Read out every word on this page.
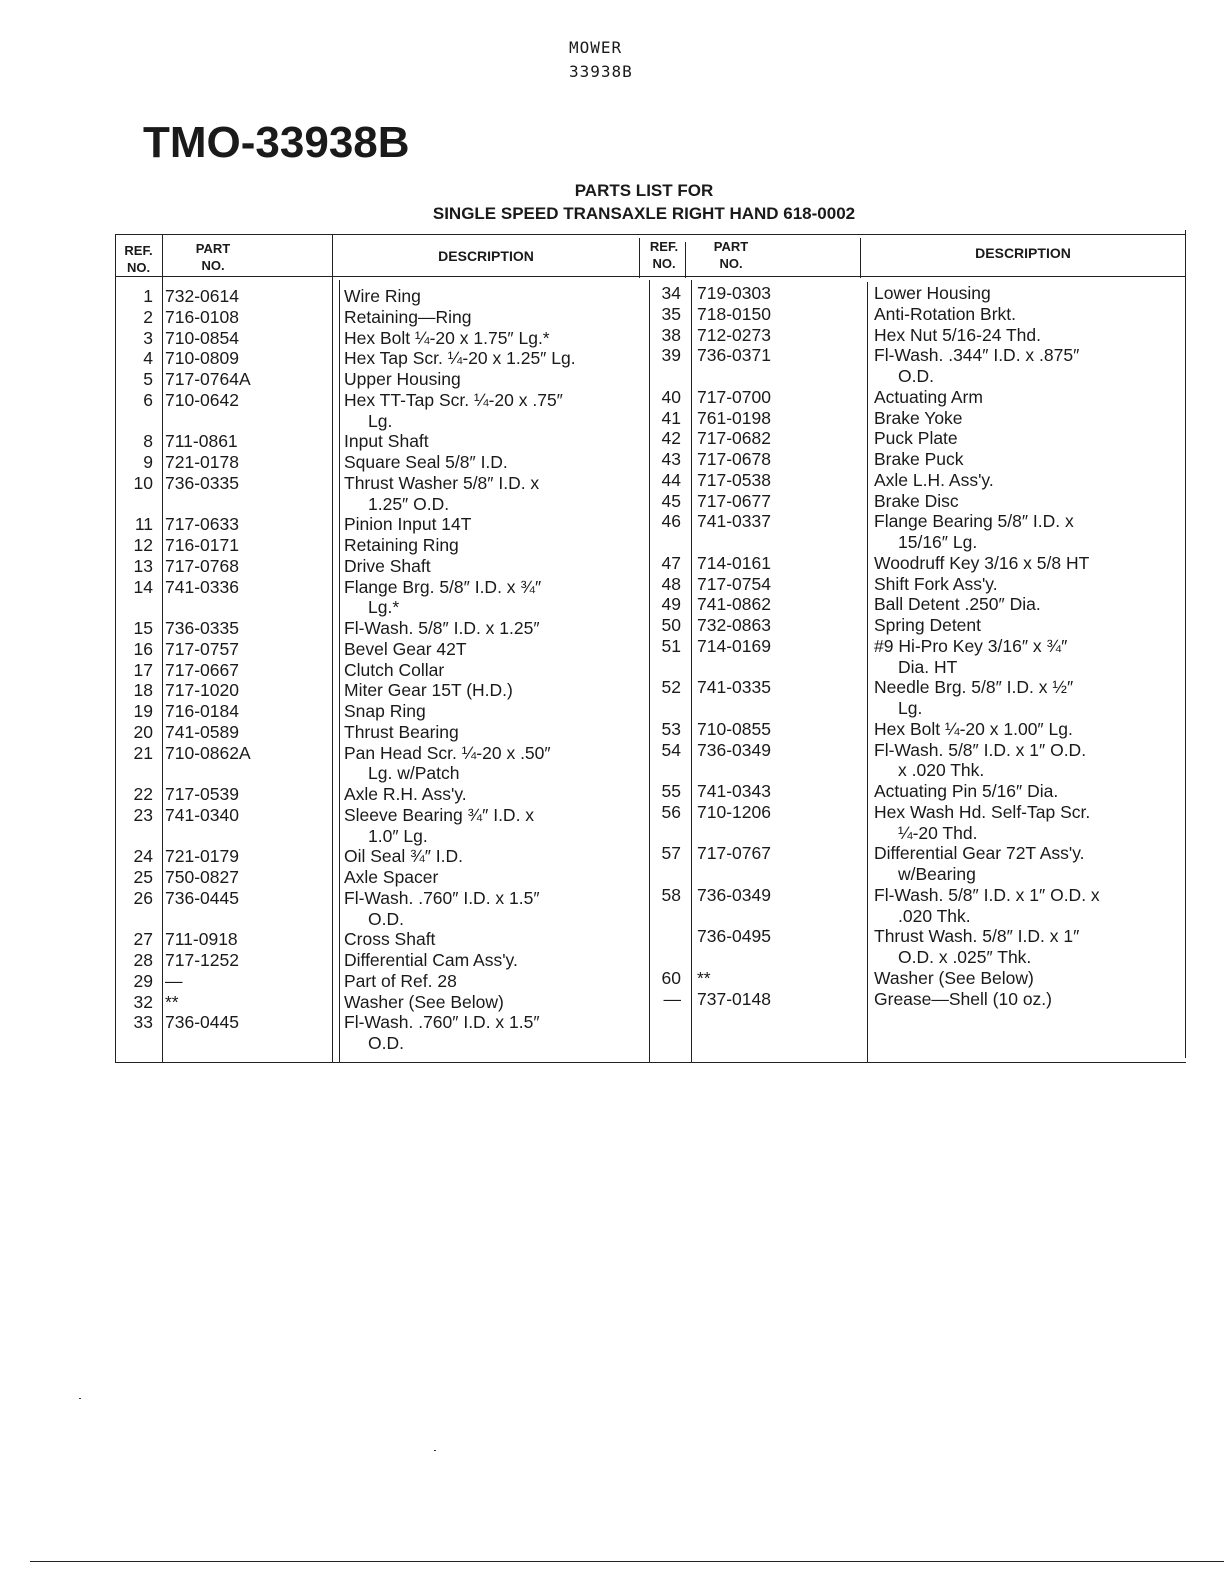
MOWER
33938B
TMO-33938B
PARTS LIST FOR
SINGLE SPEED TRANSAXLE RIGHT HAND 618-0002
REF.
NO.
PART
NO.
DESCRIPTION
REF.
NO.
PART
NO.
DESCRIPTION
1 732-0614	Wire Ring
2 716-0108	Retaining—Ring
3 710-0854	Hex Bolt ¼-20 x 1.75″ Lg.*
4 710-0809	Hex Tap Scr. ¼-20 x 1.25″ Lg.
5 717-0764A	Upper Housing
6 710-0642	Hex TT-Tap Scr. ¼-20 x .75″
Lg.
8 711-0861	Input Shaft
9 721-0178	Square Seal 5/8″ I.D.
10 736-0335	Thrust Washer 5/8″ I.D. x
1.25″ O.D.
11 717-0633	Pinion Input 14T
12 716-0171	Retaining Ring
13 717-0768	Drive Shaft
14 741-0336	Flange Brg. 5/8″ I.D. x ¾″
Lg.*
15 736-0335	Fl-Wash. 5/8″ I.D. x 1.25″
16 717-0757	Bevel Gear 42T
17 717-0667	Clutch Collar
18 717-1020	Miter Gear 15T (H.D.)
19 716-0184	Snap Ring
20 741-0589	Thrust Bearing
21 710-0862A	Pan Head Scr. ¼-20 x .50″
Lg. w/Patch
22 717-0539	Axle R.H. Ass'y.
23 741-0340	Sleeve Bearing ¾″ I.D. x
1.0″ Lg.
24 721-0179	Oil Seal ¾″ I.D.
25 750-0827	Axle Spacer
26 736-0445	Fl-Wash. .760″ I.D. x 1.5″
O.D.
27 711-0918	Cross Shaft
28 717-1252	Differential Cam Ass'y.
29 —	Part of Ref. 28
32 **	Washer (See Below)
33 736-0445	Fl-Wash. .760″ I.D. x 1.5″
O.D.
34 719-0303	Lower Housing
35 718-0150	Anti-Rotation Brkt.
38 712-0273	Hex Nut 5/16-24 Thd.
39 736-0371	Fl-Wash. .344″ I.D. x .875″
O.D.
40 717-0700	Actuating Arm
41 761-0198	Brake Yoke
42 717-0682	Puck Plate
43 717-0678	Brake Puck
44 717-0538	Axle L.H. Ass'y.
45 717-0677	Brake Disc
46 741-0337	Flange Bearing 5/8″ I.D. x
15/16″ Lg.
47 714-0161	Woodruff Key 3/16 x 5/8 HT
48 717-0754	Shift Fork Ass'y.
49 741-0862	Ball Detent .250″ Dia.
50 732-0863	Spring Detent
51 714-0169	#9 Hi-Pro Key 3/16″ x ¾″
Dia. HT
52 741-0335	Needle Brg. 5/8″ I.D. x ½″
Lg.
53 710-0855	Hex Bolt ¼-20 x 1.00″ Lg.
54 736-0349	Fl-Wash. 5/8″ I.D. x 1″ O.D.
x .020 Thk.
55 741-0343	Actuating Pin 5/16″ Dia.
56 710-1206	Hex Wash Hd. Self-Tap Scr.
¼-20 Thd.
57 717-0767	Differential Gear 72T Ass'y.
w/Bearing
58 736-0349	Fl-Wash. 5/8″ I.D. x 1″ O.D. x
.020 Thk.
736-0495	Thrust Wash. 5/8″ I.D. x 1″
O.D. x .025″ Thk.
60 **	Washer (See Below)
— 737-0148	Grease—Shell (10 oz.)
